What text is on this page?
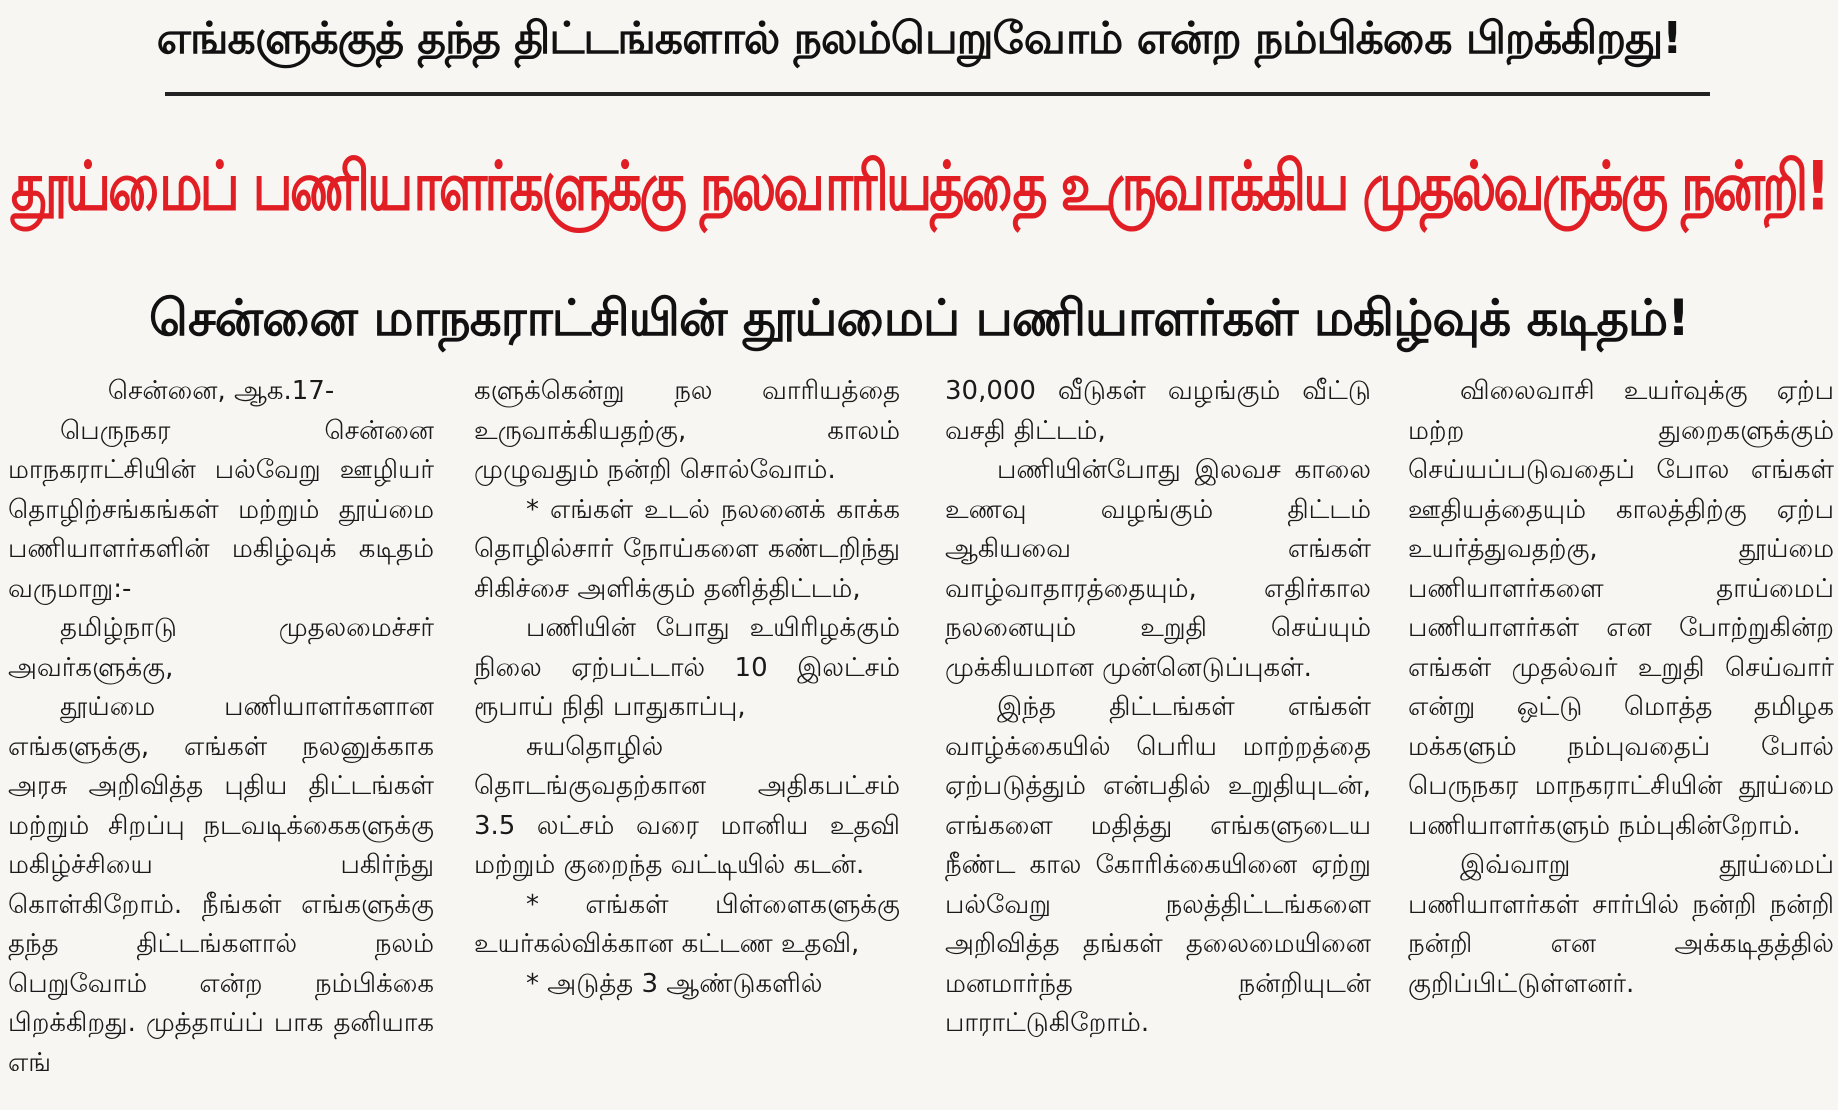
எங்களுக்குத் தந்த திட்டங்களால் நலம்பெறுவோம் என்ற நம்பிக்கை பிறக்கிறது!
தூய்மைப் பணியாளர்களுக்கு நலவாரியத்தை உருவாக்கிய முதல்வருக்கு நன்றி!
சென்னை மாநகராட்சியின் தூய்மைப் பணியாளர்கள் மகிழ்வுக் கடிதம்!

சென்னை, ஆக.17-

பெருநகர சென்னை மாநகராட்சியின் பல்வேறு ஊழியர் தொழிற்சங்கங்கள் மற்றும் தூய்மை பணியாளர்களின் மகிழ்வுக் கடிதம் வருமாறு:-

தமிழ்நாடு முதலமைச்சர் அவர்களுக்கு,

தூய்மை பணியாளர்களான எங்களுக்கு, எங்கள் நலனுக்காக அரசு அறிவித்த புதிய திட்டங்கள் மற்றும் சிறப்பு நடவடிக்கைகளுக்கு மகிழ்ச்சியை பகிர்ந்து கொள்கிறோம். நீங்கள் எங்களுக்கு தந்த திட்டங்களால் நலம் பெறுவோம் என்ற நம்பிக்கை பிறக்கிறது. முத்தாய்ப் பாக தனியாக எங்

களுக்கென்று நல வாரியத்தை உருவாக்கியதற்கு, காலம் முழுவதும் நன்றி சொல்வோம்.

* எங்கள் உடல் நலனைக் காக்க தொழில்சார் நோய்களை கண்டறிந்து சிகிச்சை அளிக்கும் தனித்திட்டம்,

பணியின் போது உயிரிழக்கும் நிலை ஏற்பட்டால் 10 இலட்சம் ரூபாய் நிதி பாதுகாப்பு,

சுயதொழில் தொடங்குவதற்கான அதிகபட்சம் 3.5 லட்சம் வரை மானிய உதவி மற்றும் குறைந்த வட்டியில் கடன்.

* எங்கள் பிள்ளைகளுக்கு உயர்கல்விக்கான கட்டண உதவி,

* அடுத்த 3 ஆண்டுகளில்

30,000 வீடுகள் வழங்கும் வீட்டு வசதி திட்டம்,

பணியின்போது இலவச காலை உணவு வழங்கும் திட்டம் ஆகியவை எங்கள் வாழ்வாதாரத்தையும், எதிர்கால நலனையும் உறுதி செய்யும் முக்கியமான முன்னெடுப்புகள்.

இந்த திட்டங்கள் எங்கள் வாழ்க்கையில் பெரிய மாற்றத்தை ஏற்படுத்தும் என்பதில் உறுதியுடன், எங்களை மதித்து எங்களுடைய நீண்ட கால கோரிக்கையினை ஏற்று பல்வேறு நலத்திட்டங்களை அறிவித்த தங்கள் தலைமையினை மனமார்ந்த நன்றியுடன் பாராட்டுகிறோம்.

விலைவாசி உயர்வுக்கு ஏற்ப மற்ற துறைகளுக்கும் செய்யப்படுவதைப் போல எங்கள் ஊதியத்தையும் காலத்திற்கு ஏற்ப உயர்த்துவதற்கு, தூய்மை பணியாளர்களை தாய்மைப் பணியாளர்கள் என போற்றுகின்ற எங்கள் முதல்வர் உறுதி செய்வார் என்று ஒட்டு மொத்த தமிழக மக்களும் நம்புவதைப் போல் பெருநகர மாநகராட்சியின் தூய்மை பணியாளர்களும் நம்புகின்றோம்.

இவ்வாறு தூய்மைப் பணியாளர்கள் சார்பில் நன்றி நன்றி நன்றி என அக்கடிதத்தில் குறிப்பிட்டுள்ளனர்.
